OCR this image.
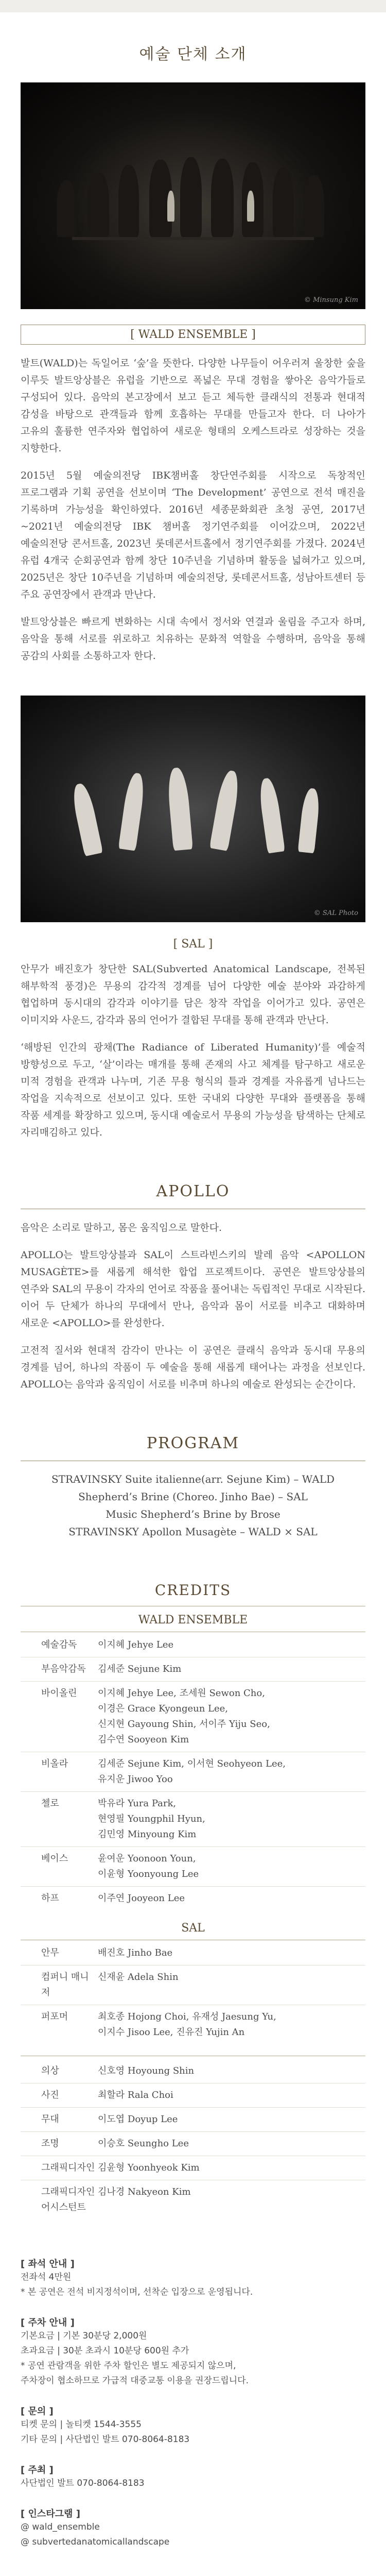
예술 단체 소개
© Minsung Kim
[ WALD ENSEMBLE ]
발트(WALD)는 독일어로 ‘숲’을 뜻한다. 다양한 나무들이 어우러져 울창한 숲을 이루듯 발트앙상블은 유럽을 기반으로 폭넓은 무대 경험을 쌓아온 음악가들로 구성되어 있다. 음악의 본고장에서 보고 듣고 체득한 클래식의 전통과 현대적 감성을 바탕으로 관객들과 함께 호흡하는 무대를 만들고자 한다. 더 나아가 고유의 훌륭한 연주자와 협업하여 새로운 형태의 오케스트라로 성장하는 것을 지향한다.
2015년 5월 예술의전당 IBK챔버홀 창단연주회를 시작으로 독창적인 프로그램과 기획 공연을 선보이며 ‘The Development’ 공연으로 전석 매진을 기록하며 가능성을 확인하였다. 2016년 세종문화회관 초청 공연, 2017년~2021년 예술의전당 IBK 챔버홀 정기연주회를 이어갔으며, 2022년 예술의전당 콘서트홀, 2023년 롯데콘서트홀에서 정기연주회를 가졌다. 2024년 유럽 4개국 순회공연과 함께 창단 10주년을 기념하며 활동을 넓혀가고 있으며, 2025년은 창단 10주년을 기념하며 예술의전당, 롯데콘서트홀, 성남아트센터 등 주요 공연장에서 관객과 만난다.
발트앙상블은 빠르게 변화하는 시대 속에서 정서와 연결과 울림을 주고자 하며, 음악을 통해 서로를 위로하고 치유하는 문화적 역할을 수행하며, 음악을 통해 공감의 사회를 소통하고자 한다.
© SAL Photo
[ SAL ]
안무가 배진호가 창단한 SAL(Subverted Anatomical Landscape, 전복된 해부학적 풍경)은 무용의 감각적 경계를 넘어 다양한 예술 분야와 과감하게 협업하며 동시대의 감각과 이야기를 담은 창작 작업을 이어가고 있다. 공연은 이미지와 사운드, 감각과 몸의 언어가 결합된 무대를 통해 관객과 만난다.
‘해방된 인간의 광채(The Radiance of Liberated Humanity)’를 예술적 방향성으로 두고, ‘살’이라는 매개를 통해 존재의 사고 체계를 탐구하고 새로운 미적 경험을 관객과 나누며, 기존 무용 형식의 틀과 경계를 자유롭게 넘나드는 작업을 지속적으로 선보이고 있다. 또한 국내외 다양한 무대와 플랫폼을 통해 작품 세계를 확장하고 있으며, 동시대 예술로서 무용의 가능성을 탐색하는 단체로 자리매김하고 있다.
APOLLO
음악은 소리로 말하고, 몸은 움직임으로 말한다.
APOLLO는 발트앙상블과 SAL이 스트라빈스키의 발레 음악 <APOLLON MUSAGÈTE>를 새롭게 해석한 합업 프로젝트이다. 공연은 발트앙상블의 연주와 SAL의 무용이 각자의 언어로 작품을 풀어내는 독립적인 무대로 시작된다. 이어 두 단체가 하나의 무대에서 만나, 음악과 몸이 서로를 비추고 대화하며 새로운 <APOLLO>를 완성한다.
고전적 질서와 현대적 감각이 만나는 이 공연은 클래식 음악과 동시대 무용의 경계를 넘어, 하나의 작품이 두 예술을 통해 새롭게 태어나는 과정을 선보인다. APOLLO는 음악과 움직임이 서로를 비추며 하나의 예술로 완성되는 순간이다.
PROGRAM
STRAVINSKY Suite italienne(arr. Sejune Kim) – WALD
Shepherd’s Brine (Choreo. Jinho Bae) – SAL
Music Shepherd’s Brine by Brose
STRAVINSKY Apollon Musagète – WALD × SAL
CREDITS
WALD ENSEMBLE
예술감독	이지혜 Jehye Lee
부음악감독	김세준 Sejune Kim
바이올린	이지혜 Jehye Lee, 조세원 Sewon Cho,
이경은 Grace Kyongeun Lee,
신지현 Gayoung Shin, 서이주 Yiju Seo,
김수연 Sooyeon Kim
비올라	김세준 Sejune Kim, 이서현 Seohyeon Lee,
유지운 Jiwoo Yoo
첼로	박유라 Yura Park,
현영필 Youngphil Hyun,
김민영 Minyoung Kim
베이스	윤여운 Yoonoon Youn,
이윤형 Yoonyoung Lee
하프	이주연 Jooyeon Lee
SAL
안무	배진호 Jinho Bae
컴퍼니 매니저
신재윤 Adela Shin
퍼포머	최호종 Hojong Choi, 유재성 Jaesung Yu,
이지수 Jisoo Lee, 진유진 Yujin An
의상	신호영 Hoyoung Shin
사진	최할라 Rala Choi
무대	이도엽 Doyup Lee
조명	이승호 Seungho Lee
그래픽디자인 김윤형 Yoonhyeok Kim
그래픽디자인 어시스턴트
김나경 Nakyeon Kim
[ 좌석 안내 ]
전좌석 4만원
* 본 공연은 전석 비지정석이며, 선착순 입장으로 운영됩니다.
[ 주차 안내 ]
기본요금 | 기본 30분당 2,000원
초과요금 | 30분 초과시 10분당 600원 추가
* 공연 관람객을 위한 주차 할인은 별도 제공되지 않으며,
주차장이 협소하므로 가급적 대중교통 이용을 권장드립니다.
[ 문의 ]
티켓 문의 | 놀티켓 1544-3555
기타 문의 | 사단법인 발트 070-8064-8183
[ 주최 ]
사단법인 발트 070-8064-8183
[ 인스타그램 ]
@ wald_ensemble
@ subvertedanatomicallandscape
